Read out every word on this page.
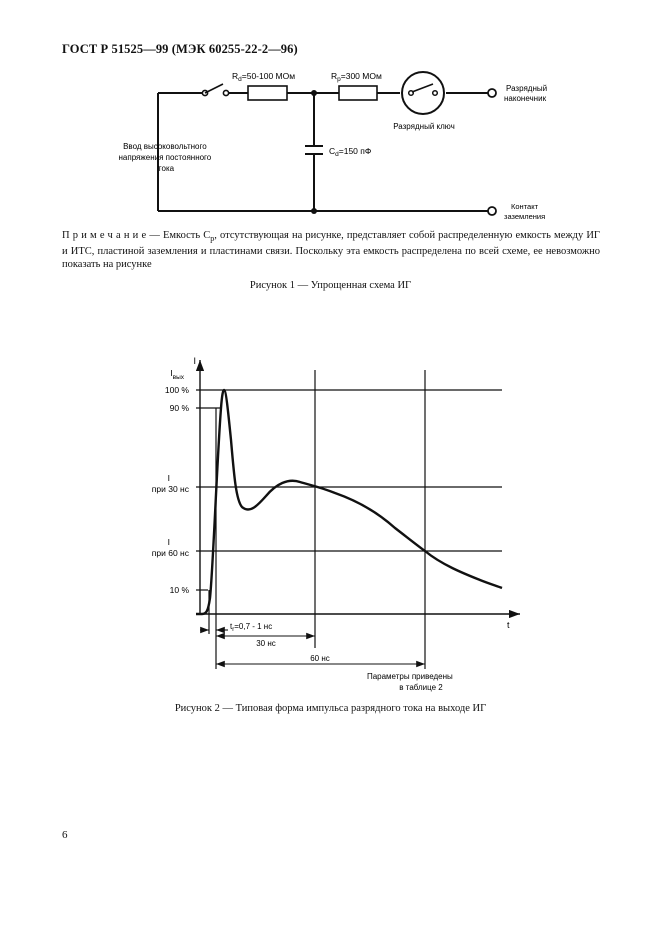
ГОСТ Р 51525—99 (МЭК 60255-22-2—96)
$R_d=50-100$ МОм	$R_p=300$ МОм
$C_d=150$ пФ
Ввод высоковольтного напряжения постоянного тока
Разрядный ключ
Разрядный наконечник
Контакт заземления
Примечание— Емкость $С_р$, отсутствующая на рисунке, представляет собой распределенную емкость между ИГ и ИТС, пластиной заземления и пластинами связи. Поскольку эта емкость распределена по всей схеме, ее невозможно показать на рисунке
Рисунок 1 — Упрощенная схема ИГ
I
$I_{вых}$
100 %
90 %
I
при 30 нс
I
при 60 нс
10 %
t
$t_r=0,7 - 1$ нс
30 нс
60 нс
Параметры приведены в таблице 2
Рисунок 2 — Типовая форма импульса разрядного тока на выходе ИГ
6
